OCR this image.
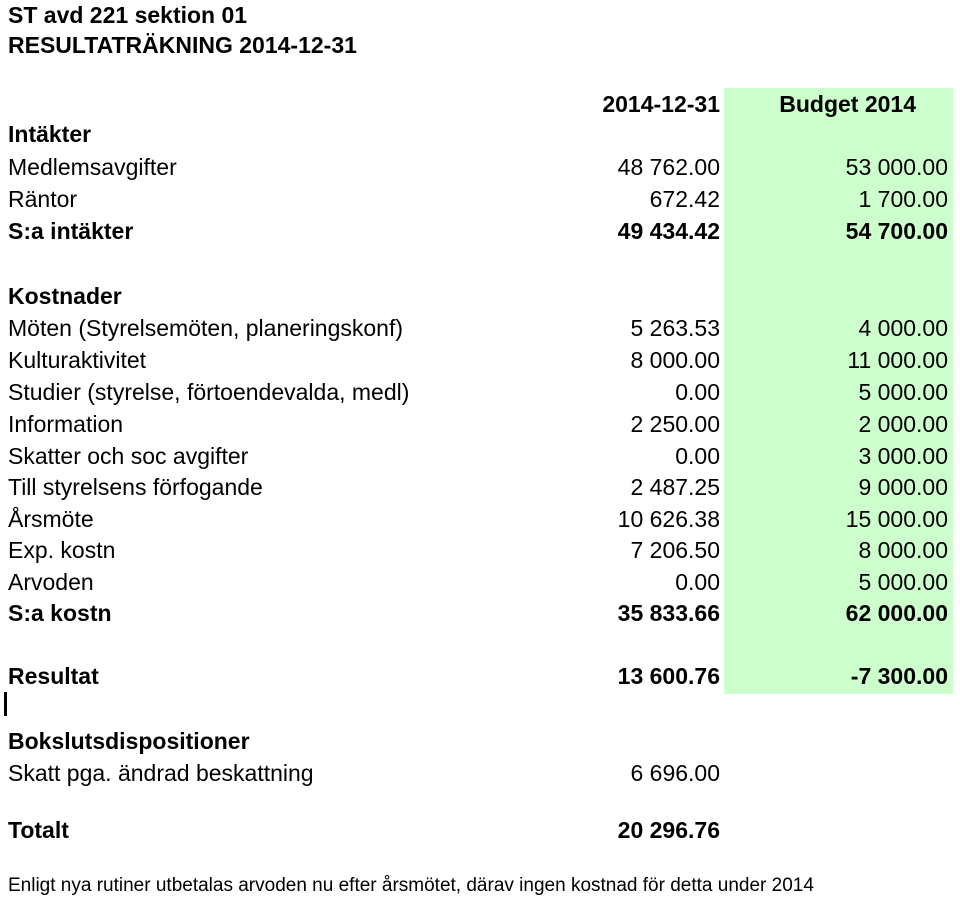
ST avd 221 sektion 01
RESULTATRÄKNING 2014-12-31
2014-12-31	Budget 2014
Intäkter
Medlemsavgifter	48 762.00	53 000.00
Räntor	672.42	1 700.00
S:a intäkter	49 434.42	54 700.00
Kostnader
Möten (Styrelsemöten, planeringskonf)	5 263.53	4 000.00
Kulturaktivitet	8 000.00	11 000.00
Studier (styrelse, förtoendevalda, medl)	0.00	5 000.00
Information	2 250.00	2 000.00
Skatter och soc avgifter	0.00	3 000.00
Till styrelsens förfogande	2 487.25	9 000.00
Årsmöte	10 626.38	15 000.00
Exp. kostn	7 206.50	8 000.00
Arvoden	0.00	5 000.00
S:a kostn	35 833.66	62 000.00
Resultat	13 600.76	-7 300.00
Bokslutsdispositioner
Skatt pga. ändrad beskattning	6 696.00
Totalt	20 296.76
Enligt nya rutiner utbetalas arvoden nu efter årsmötet, därav ingen kostnad för detta under 2014
